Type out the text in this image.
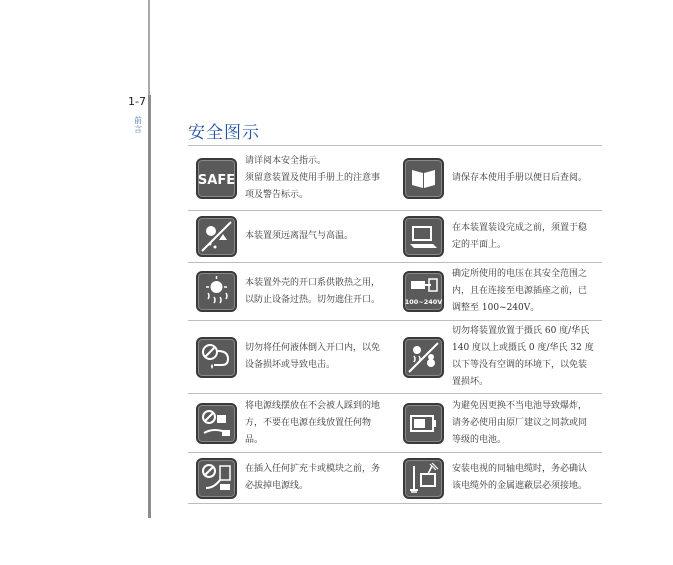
1-7
前言	安全图示
SAFE

请详阅本安全指示。

须留意装置及使用手册上的注意事项及警告标示。

请保存本使用手册以便日后查阅。

本装置须远离湿气与高温。

在本装置装设完成之前，须置于稳定的平面上。

本装置外壳的开口系供散热之用，以防止设备过热。切勿遮住开口。	100~240V

确定所使用的电压在其安全范围之内，且在连接至电源插座之前，已调整至 100~240V。

切勿将任何液体倒入开口内，以免设备损坏或导致电击。

切勿将装置放置于摄氏 60 度/华氏 140 度以上或摄氏 0 度/华氏 32 度以下等没有空调的环境下，以免装置损坏。

将电源线摆放在不会被人踩到的地方，不要在电源在线放置任何物品。

为避免因更换不当电池导致爆炸，请务必使用由原厂建议之同款或同等级的电池。

在插入任何扩充卡或模块之前，务必拔掉电源线。

安装电视的同轴电缆时，务必确认该电缆外的金属遮蔽层必须接地。
